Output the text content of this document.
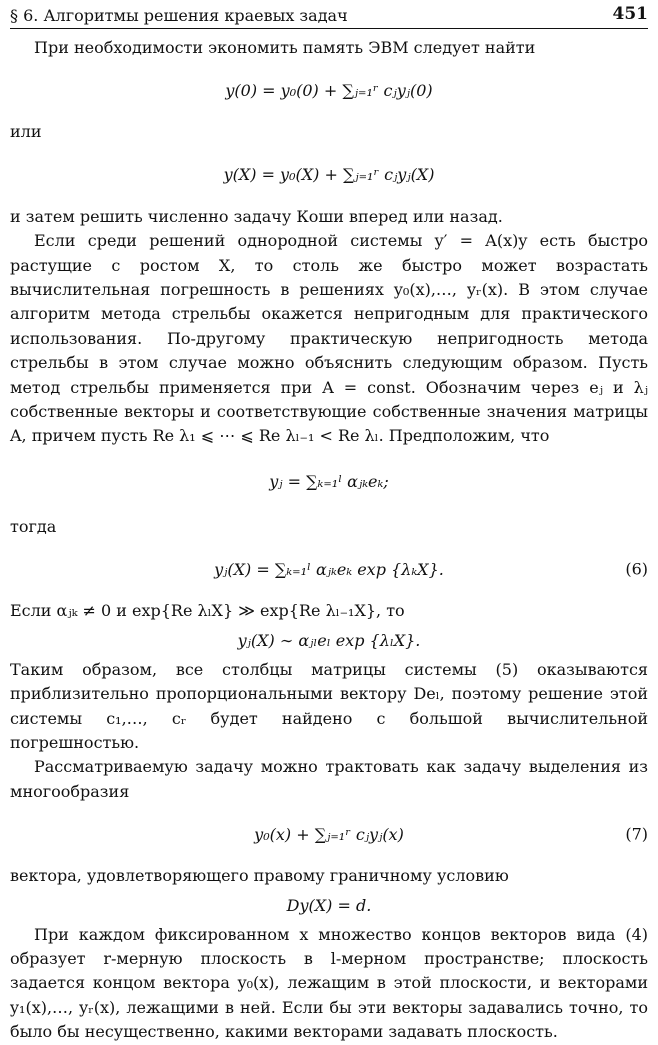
§ 6. Алгоритмы решения краевых задач	451

При необходимости экономить память ЭВМ следует найти

y(0) = y₀(0) + ∑ⱼ₌₁ʳ cⱼyⱼ(0)

или

y(X) = y₀(X) + ∑ⱼ₌₁ʳ cⱼyⱼ(X)

и затем решить численно задачу Коши вперед или назад.

Если среди решений однородной системы y′ = A(x)y есть быстро растущие с ростом X, то столь же быстро может возрастать вычислительная погрешность в решениях y₀(x),…, yᵣ(x). В этом случае алгоритм метода стрельбы окажется непригодным для практического использования. По-другому практическую непригодность метода стрельбы в этом случае можно объяснить следующим образом. Пусть метод стрельбы применяется при A = const. Обозначим через eⱼ и λⱼ собственные векторы и соответствующие собственные значения матрицы A, причем пусть Re λ₁ ⩽ ⋯ ⩽ Re λₗ₋₁ < Re λₗ. Предположим, что

yⱼ = ∑ₖ₌₁ˡ αⱼₖeₖ;

тогда

yⱼ(X) = ∑ₖ₌₁ˡ αⱼₖeₖ exp {λₖX}.	(6)

Если αⱼₖ ≠ 0 и exp{Re λₗX} ≫ exp{Re λₗ₋₁X}, то

yⱼ(X) ∼ αⱼₗeₗ exp {λₗX}.

Таким образом, все столбцы матрицы системы (5) оказываются приблизительно пропорциональными вектору Deₗ, поэтому решение этой системы c₁,…, cᵣ будет найдено с большой вычислительной погрешностью.

Рассматриваемую задачу можно трактовать как задачу выделения из многообразия

y₀(x) + ∑ⱼ₌₁ʳ cⱼyⱼ(x)	(7)

вектора, удовлетворяющего правому граничному условию

Dy(X) = d.

При каждом фиксированном x множество концов векторов вида (4) образует r-мерную плоскость в l-мерном пространстве; плоскость задается концом вектора y₀(x), лежащим в этой плоскости, и векторами y₁(x),…, yᵣ(x), лежащими в ней. Если бы эти векторы задавались точно, то было бы несущественно, какими векторами задавать плоскость.
